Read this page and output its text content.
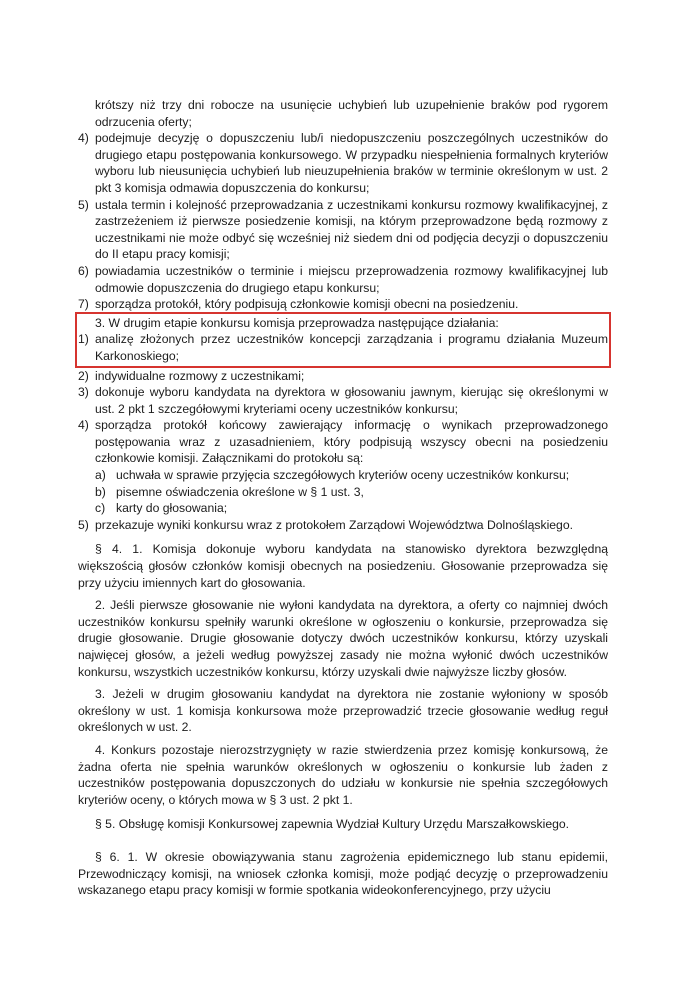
krótszy niż trzy dni robocze na usunięcie uchybień lub uzupełnienie braków pod rygorem odrzucenia oferty;
4) podejmuje decyzję o dopuszczeniu lub/i niedopuszczeniu poszczególnych uczestników do drugiego etapu postępowania konkursowego. W przypadku niespełnienia formalnych kryteriów wyboru lub nieusunięcia uchybień lub nieuzupełnienia braków w terminie określonym w ust. 2 pkt 3 komisja odmawia dopuszczenia do konkursu;
5) ustala termin i kolejność przeprowadzania z uczestnikami konkursu rozmowy kwalifikacyjnej, z zastrzeżeniem iż pierwsze posiedzenie komisji, na którym przeprowadzone będą rozmowy z uczestnikami nie może odbyć się wcześniej niż siedem dni od podjęcia decyzji o dopuszczeniu do II etapu pracy komisji;
6) powiadamia uczestników o terminie i miejscu przeprowadzenia rozmowy kwalifikacyjnej lub odmowie dopuszczenia do drugiego etapu konkursu;
7) sporządza protokół, który podpisują członkowie komisji obecni na posiedzeniu.
3. W drugim etapie konkursu komisja przeprowadza następujące działania:
1) analizę złożonych przez uczestników koncepcji zarządzania i programu działania Muzeum Karkonoskiego;
2) indywidualne rozmowy z uczestnikami;
3) dokonuje wyboru kandydata na dyrektora w głosowaniu jawnym, kierując się określonymi w ust. 2 pkt 1 szczegółowymi kryteriami oceny uczestników konkursu;
4) sporządza protokół końcowy zawierający informację o wynikach przeprowadzonego postępowania wraz z uzasadnieniem, który podpisują wszyscy obecni na posiedzeniu członkowie komisji. Załącznikami do protokołu są:
a) uchwała w sprawie przyjęcia szczegółowych kryteriów oceny uczestników konkursu;
b) pisemne oświadczenia określone w § 1 ust. 3,
c) karty do głosowania;
5) przekazuje wyniki konkursu wraz z protokołem Zarządowi Województwa Dolnośląskiego.
§ 4. 1. Komisja dokonuje wyboru kandydata na stanowisko dyrektora bezwzględną większością głosów członków komisji obecnych na posiedzeniu. Głosowanie przeprowadza się przy użyciu imiennych kart do głosowania.
2. Jeśli pierwsze głosowanie nie wyłoni kandydata na dyrektora, a oferty co najmniej dwóch uczestników konkursu spełniły warunki określone w ogłoszeniu o konkursie, przeprowadza się drugie głosowanie. Drugie głosowanie dotyczy dwóch uczestników konkursu, którzy uzyskali najwięcej głosów, a jeżeli według powyższej zasady nie można wyłonić dwóch uczestników konkursu, wszystkich uczestników konkursu, którzy uzyskali dwie najwyższe liczby głosów.
3. Jeżeli w drugim głosowaniu kandydat na dyrektora nie zostanie wyłoniony w sposób określony w ust. 1 komisja konkursowa może przeprowadzić trzecie głosowanie według reguł określonych w ust. 2.
4. Konkurs pozostaje nierozstrzygnięty w razie stwierdzenia przez komisję konkursową, że żadna oferta nie spełnia warunków określonych w ogłoszeniu o konkursie lub żaden z uczestników postępowania dopuszczonych do udziału w konkursie nie spełnia szczegółowych kryteriów oceny, o których mowa w § 3 ust. 2 pkt 1.
§ 5. Obsługę komisji Konkursowej zapewnia Wydział Kultury Urzędu Marszałkowskiego.
§ 6. 1. W okresie obowiązywania stanu zagrożenia epidemicznego lub stanu epidemii, Przewodniczący komisji, na wniosek członka komisji, może podjąć decyzję o przeprowadzeniu wskazanego etapu pracy komisji w formie spotkania wideokonferencyjnego, przy użyciu
